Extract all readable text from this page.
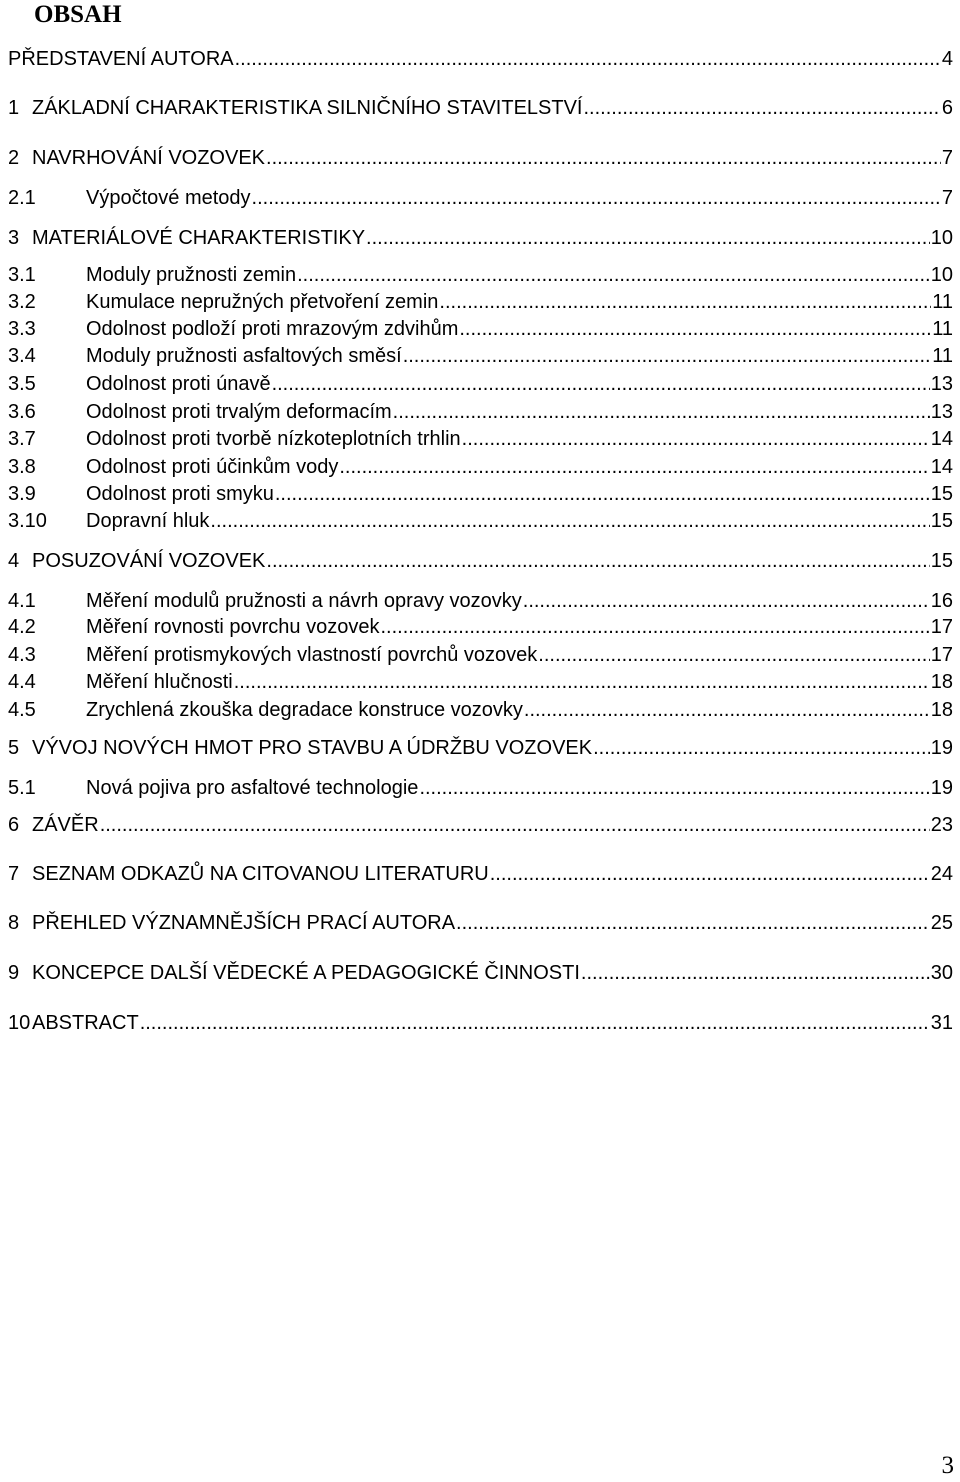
OBSAH
PŘEDSTAVENÍ AUTORA .....	4
1 ZÁKLADNÍ CHARAKTERISTIKA SILNIČNÍHO STAVITELSTVÍ .....	6
2 NAVRHOVÁNÍ VOZOVEK .....	7
2.1	Výpočtové metody .....	7
3 MATERIÁLOVÉ CHARAKTERISTIKY .....	10
3.1	Moduly pružnosti zemin .....	10
3.2	Kumulace nepružných přetvoření zemin .....	11
3.3	Odolnost podloží proti mrazovým zdvihům .....	11
3.4	Moduly pružnosti asfaltových směsí .....	11
3.5	Odolnost proti únavě .....	13
3.6	Odolnost proti trvalým deformacím .....	13
3.7	Odolnost proti tvorbě nízkoteplotních trhlin .....	14
3.8	Odolnost proti účinkům vody .....	14
3.9	Odolnost proti smyku .....	15
3.10	Dopravní hluk .....	15
4 POSUZOVÁNÍ VOZOVEK .....	15
4.1	Měření modulů pružnosti a návrh opravy vozovky .....	16
4.2	Měření rovnosti povrchu vozovek .....	17
4.3	Měření protismykových vlastností povrchů vozovek .....	17
4.4	Měření hlučnosti .....	18
4.5	Zrychlená zkouška degradace konstruce vozovky .....	18
5 VÝVOJ NOVÝCH HMOT PRO STAVBU A ÚDRŽBU VOZOVEK .....	19
5.1	Nová pojiva pro asfaltové technologie .....	19
6 ZÁVĚR .....	23
7 SEZNAM ODKAZŮ NA CITOVANOU LITERATURU .....	24
8 PŘEHLED VÝZNAMNĚJŠÍCH PRACÍ AUTORA .....	25
9 KONCEPCE DALŠÍ VĚDECKÉ A PEDAGOGICKÉ ČINNOSTI .....	30
10 ABSTRACT .....	31
3
